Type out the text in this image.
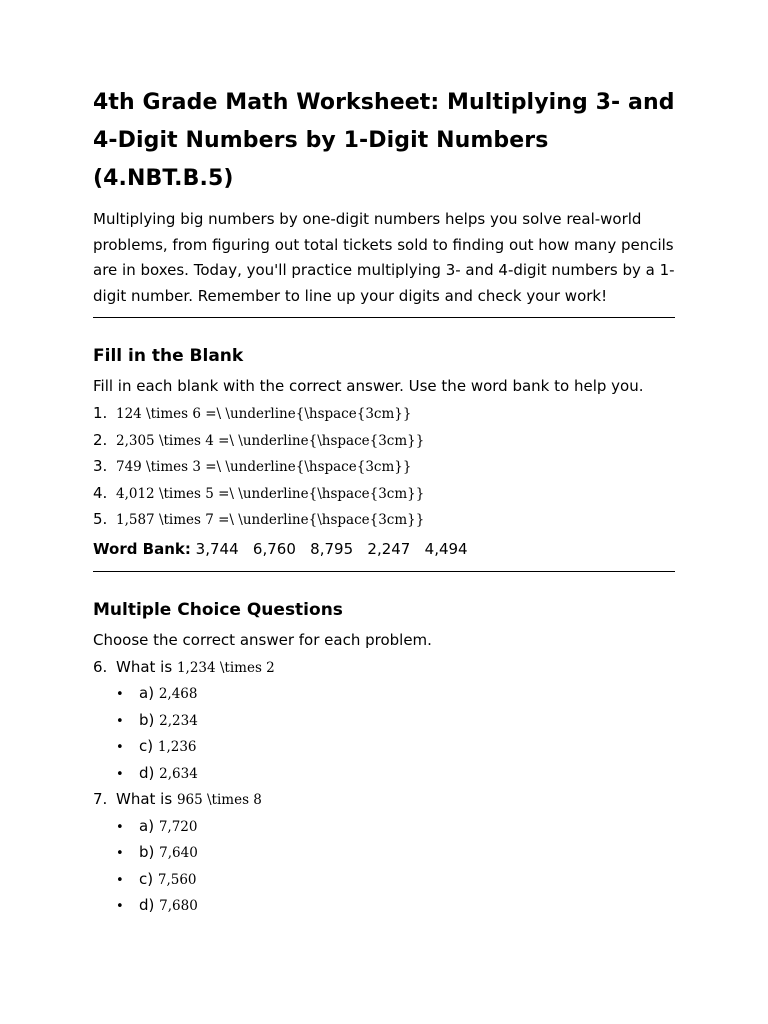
4th Grade Math Worksheet: Multiplying 3- and 4-Digit Numbers by 1-Digit Numbers (4.NBT.B.5)

Multiplying big numbers by one-digit numbers helps you solve real-world problems, from figuring out total tickets sold to finding out how many pencils are in boxes. Today, you'll practice multiplying 3- and 4-digit numbers by a 1-digit number. Remember to line up your digits and check your work!

Fill in the Blank

Fill in each blank with the correct answer. Use the word bank to help you.

1. 124 \times 6 =\ \underline{\hspace{3cm}}
2. 2,305 \times 4 =\ \underline{\hspace{3cm}}
3. 749 \times 3 =\ \underline{\hspace{3cm}}
4. 4,012 \times 5 =\ \underline{\hspace{3cm}}
5. 1,587 \times 7 =\ \underline{\hspace{3cm}}

Word Bank: 3,744   6,760   8,795   2,247   4,494

Multiple Choice Questions

Choose the correct answer for each problem.

6. What is 1,234 \times 2
• a) 2,468
• b) 2,234
• c) 1,236
• d) 2,634
7. What is 965 \times 8
• a) 7,720
• b) 7,640
• c) 7,560
• d) 7,680
